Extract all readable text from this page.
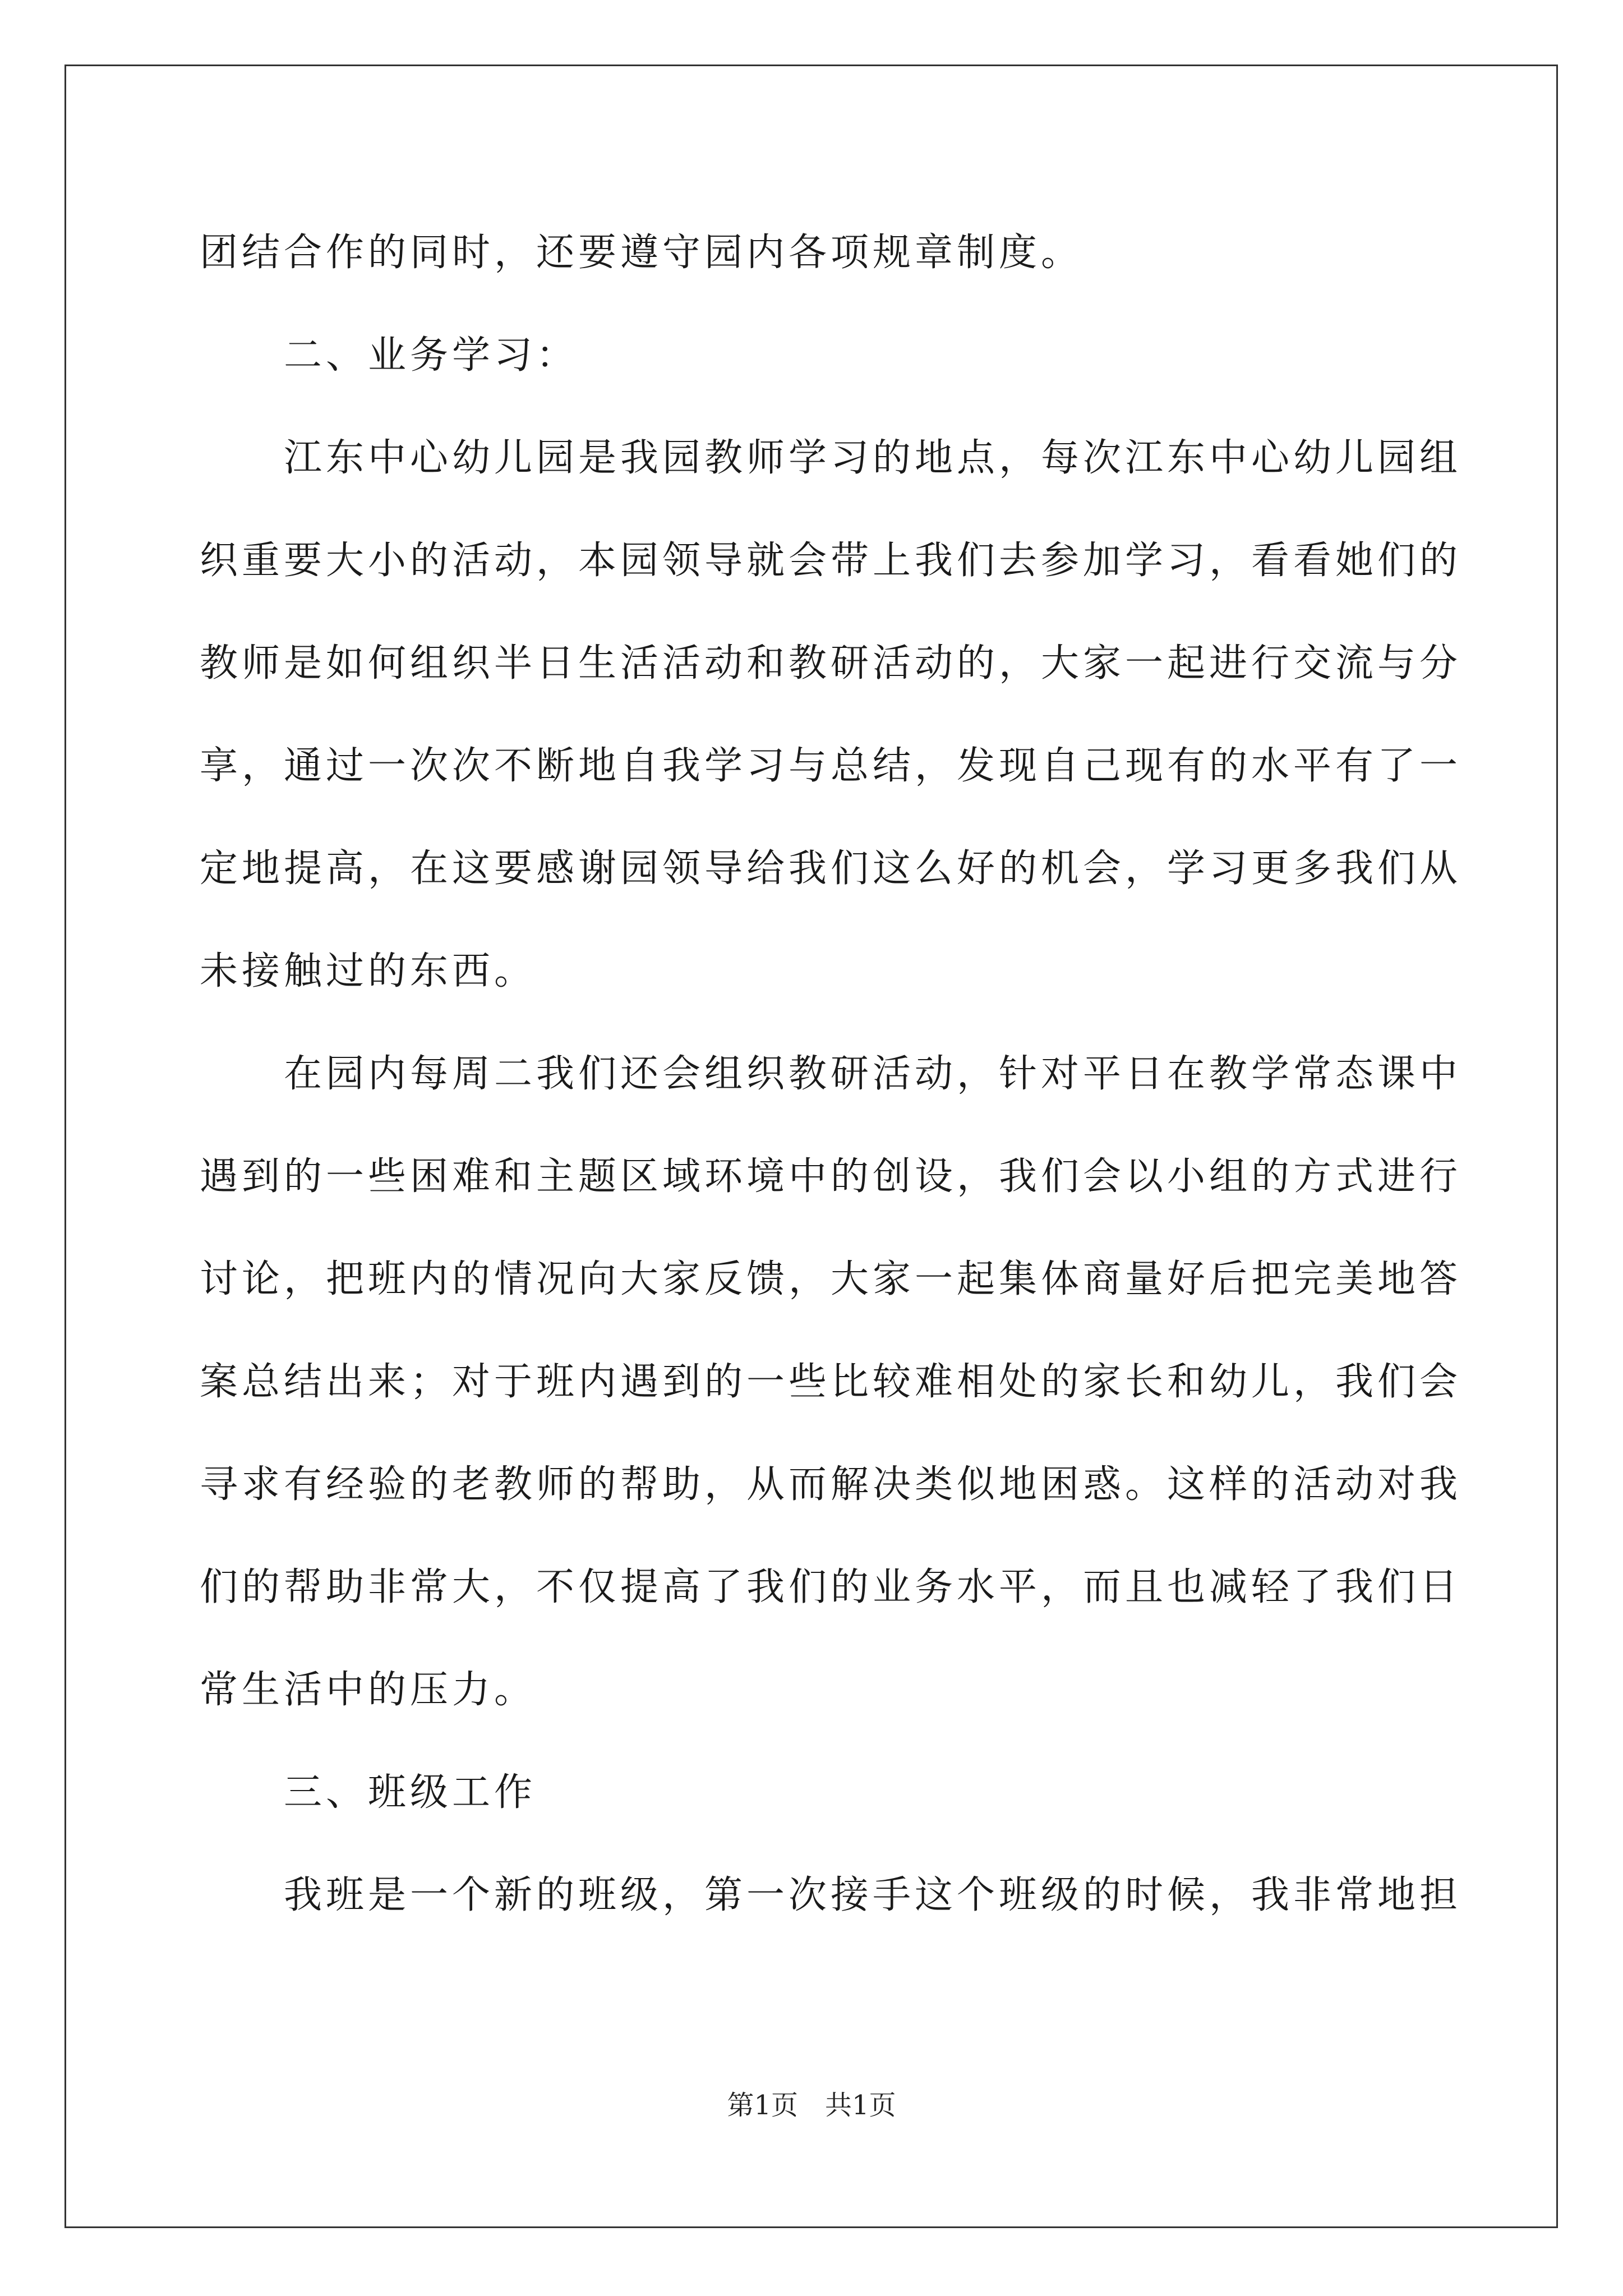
团结合作的同时，还要遵守园内各项规章制度。
　　二、业务学习：
　　江东中心幼儿园是我园教师学习的地点，每次江东中心幼儿园组
织重要大小的活动，本园领导就会带上我们去参加学习，看看她们的
教师是如何组织半日生活活动和教研活动的，大家一起进行交流与分
享，通过一次次不断地自我学习与总结，发现自己现有的水平有了一
定地提高，在这要感谢园领导给我们这么好的机会，学习更多我们从
未接触过的东西。
　　在园内每周二我们还会组织教研活动，针对平日在教学常态课中
遇到的一些困难和主题区域环境中的创设，我们会以小组的方式进行
讨论，把班内的情况向大家反馈，大家一起集体商量好后把完美地答
案总结出来；对于班内遇到的一些比较难相处的家长和幼儿，我们会
寻求有经验的老教师的帮助，从而解决类似地困惑。这样的活动对我
们的帮助非常大，不仅提高了我们的业务水平，而且也减轻了我们日
常生活中的压力。
　　三、班级工作
　　我班是一个新的班级，第一次接手这个班级的时候，我非常地担
第1页　共1页
